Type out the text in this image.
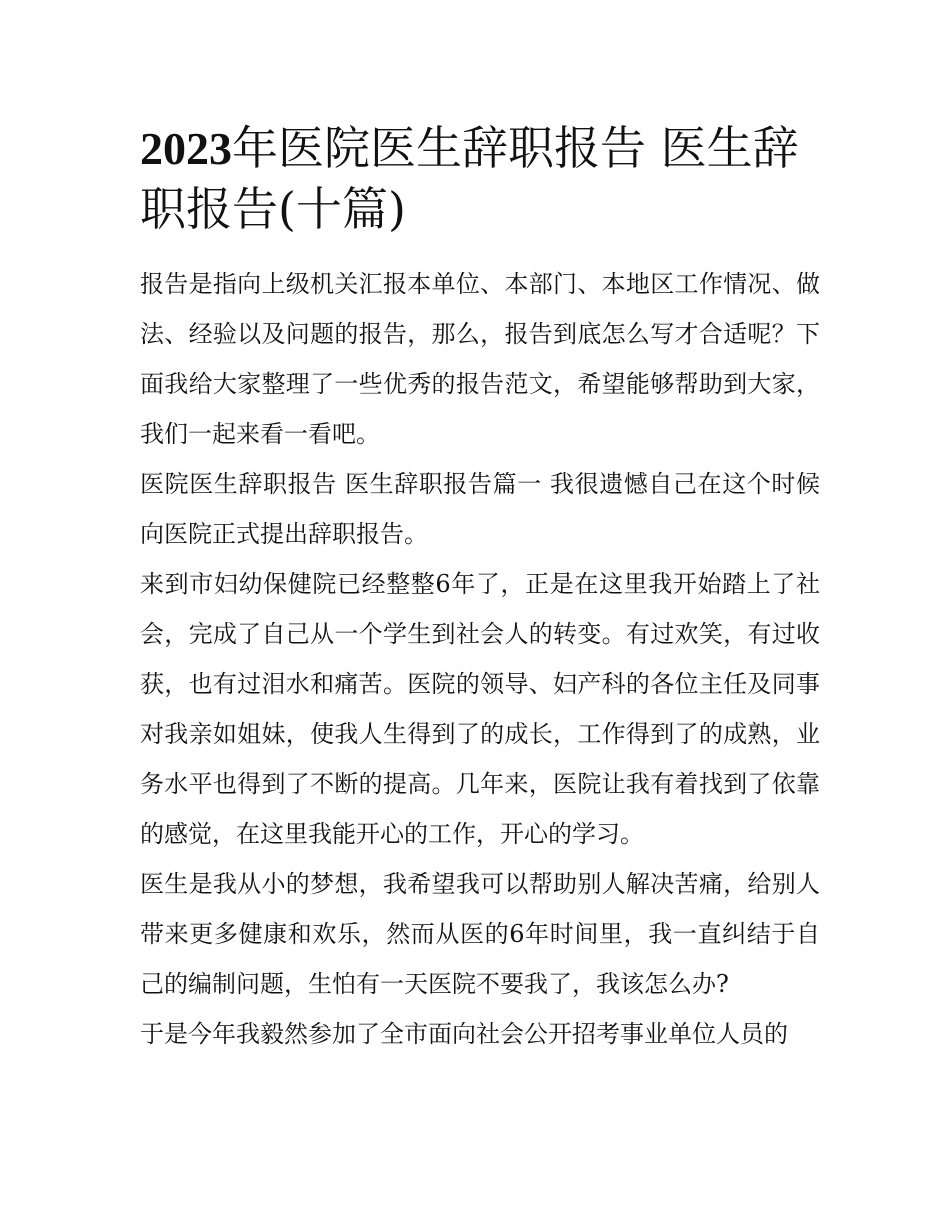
2023年医院医生辞职报告 医生辞职报告(十篇)

报告是指向上级机关汇报本单位、本部门、本地区工作情况、做法、经验以及问题的报告，那么，报告到底怎么写才合适呢？下面我给大家整理了一些优秀的报告范文，希望能够帮助到大家，我们一起来看一看吧。

医院医生辞职报告 医生辞职报告篇一 我很遗憾自己在这个时候向医院正式提出辞职报告。

来到市妇幼保健院已经整整6年了，正是在这里我开始踏上了社会，完成了自己从一个学生到社会人的转变。有过欢笑，有过收获，也有过泪水和痛苦。医院的领导、妇产科的各位主任及同事对我亲如姐妹，使我人生得到了的成长，工作得到了的成熟，业务水平也得到了不断的提高。几年来，医院让我有着找到了依靠的感觉，在这里我能开心的工作，开心的学习。

医生是我从小的梦想，我希望我可以帮助别人解决苦痛，给别人带来更多健康和欢乐，然而从医的6年时间里，我一直纠结于自己的编制问题，生怕有一天医院不要我了，我该怎么办?

于是今年我毅然参加了全市面向社会公开招考事业单位人员的
